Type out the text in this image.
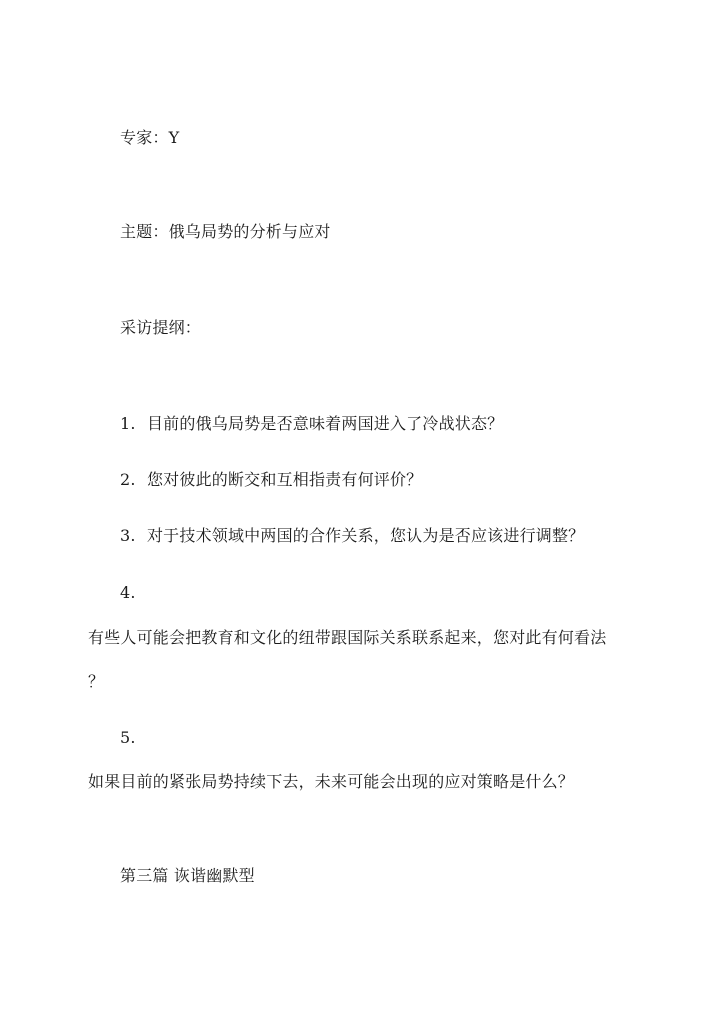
专家：Y
主题：俄乌局势的分析与应对
采访提纲：
1. 目前的俄乌局势是否意味着两国进入了冷战状态？
2. 您对彼此的断交和互相指责有何评价？
3. 对于技术领域中两国的合作关系，您认为是否应该进行调整？
4.
有些人可能会把教育和文化的纽带跟国际关系联系起来，您对此有何看法
？
5.
如果目前的紧张局势持续下去，未来可能会出现的应对策略是什么？
第三篇 诙谐幽默型
